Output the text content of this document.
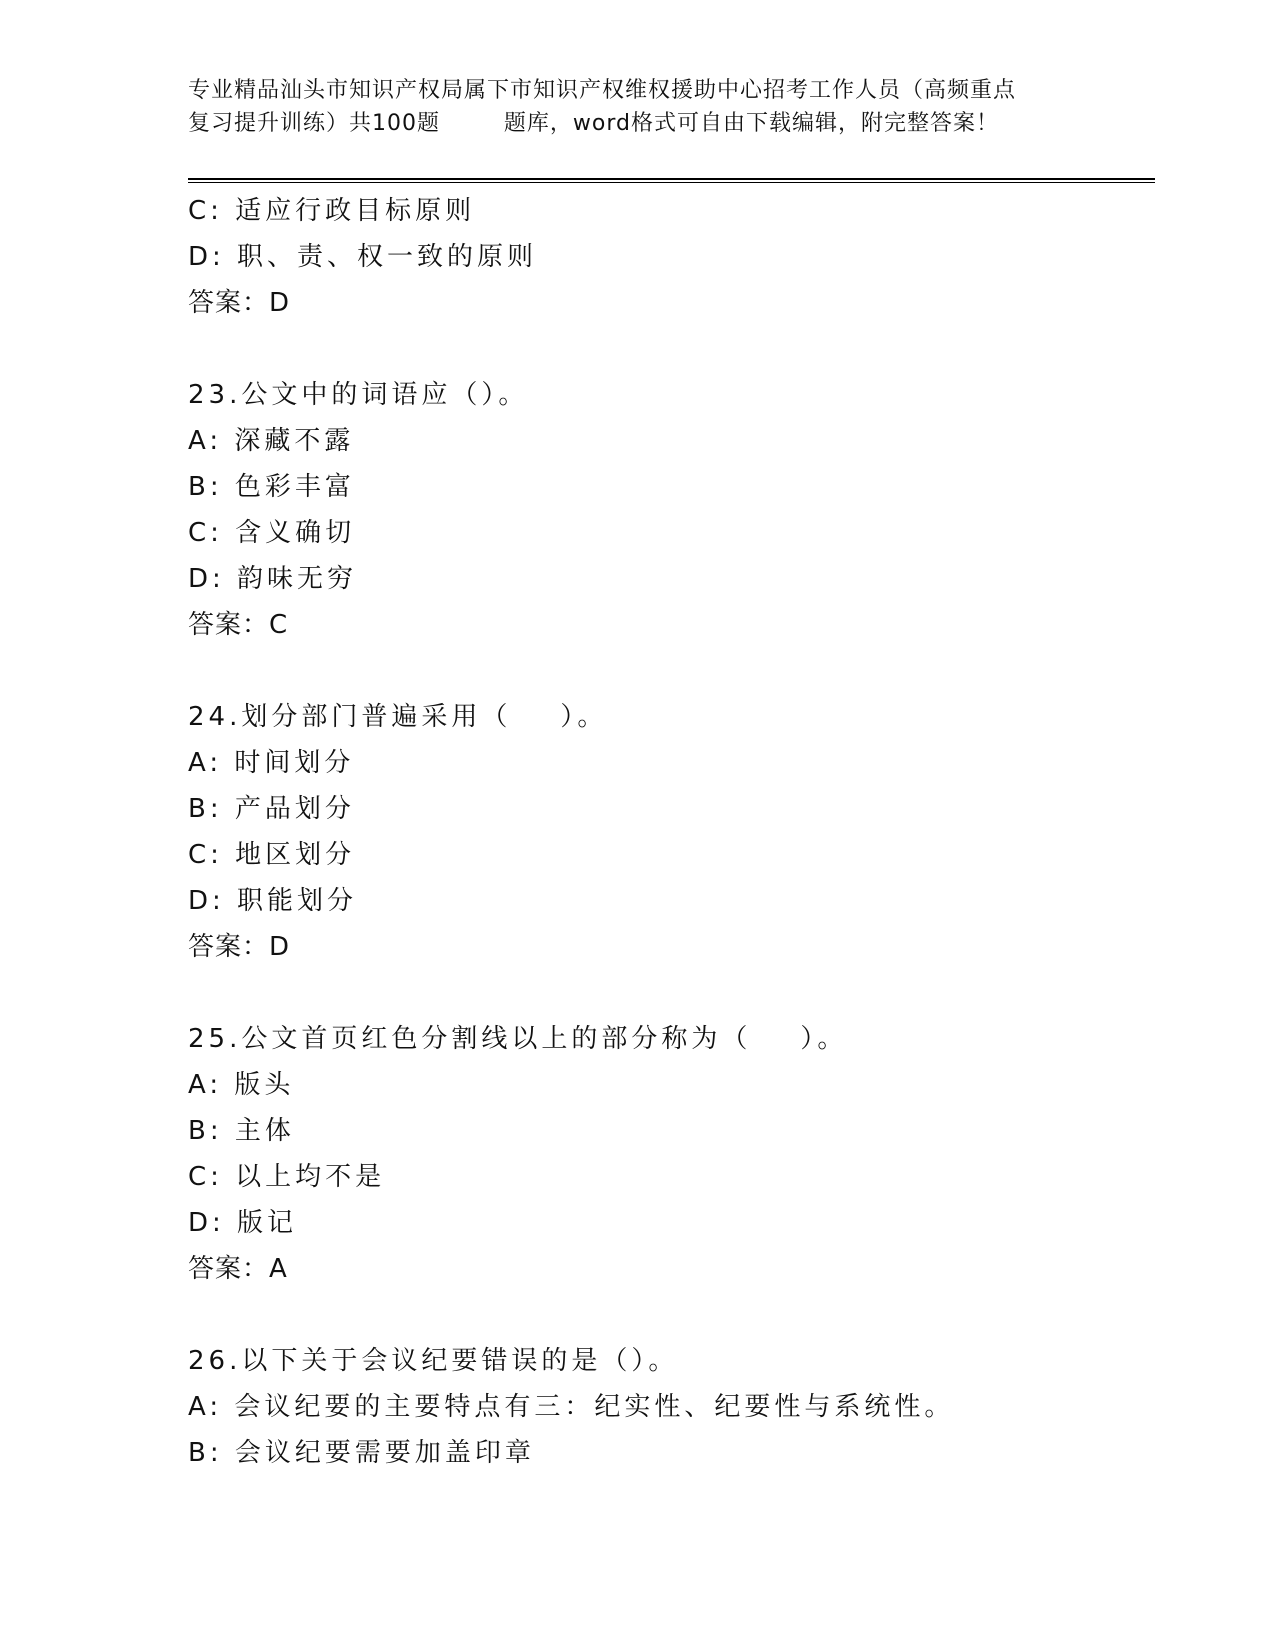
专业精品汕头市知识产权局属下市知识产权维权援助中心招考工作人员（高频重点
复习提升训练）共100题        题库，word格式可自由下载编辑，附完整答案！
C: 适应行政目标原则
D: 职、责、权一致的原则
答案：D
23.公文中的词语应（）。
A: 深藏不露
B: 色彩丰富
C: 含义确切
D: 韵味无穷
答案：C
24.划分部门普遍采用（    ）。
A: 时间划分
B: 产品划分
C: 地区划分
D: 职能划分
答案：D
25.公文首页红色分割线以上的部分称为（    ）。
A: 版头
B: 主体
C: 以上均不是
D: 版记
答案：A
26.以下关于会议纪要错误的是（）。
A: 会议纪要的主要特点有三：纪实性、纪要性与系统性。
B: 会议纪要需要加盖印章
